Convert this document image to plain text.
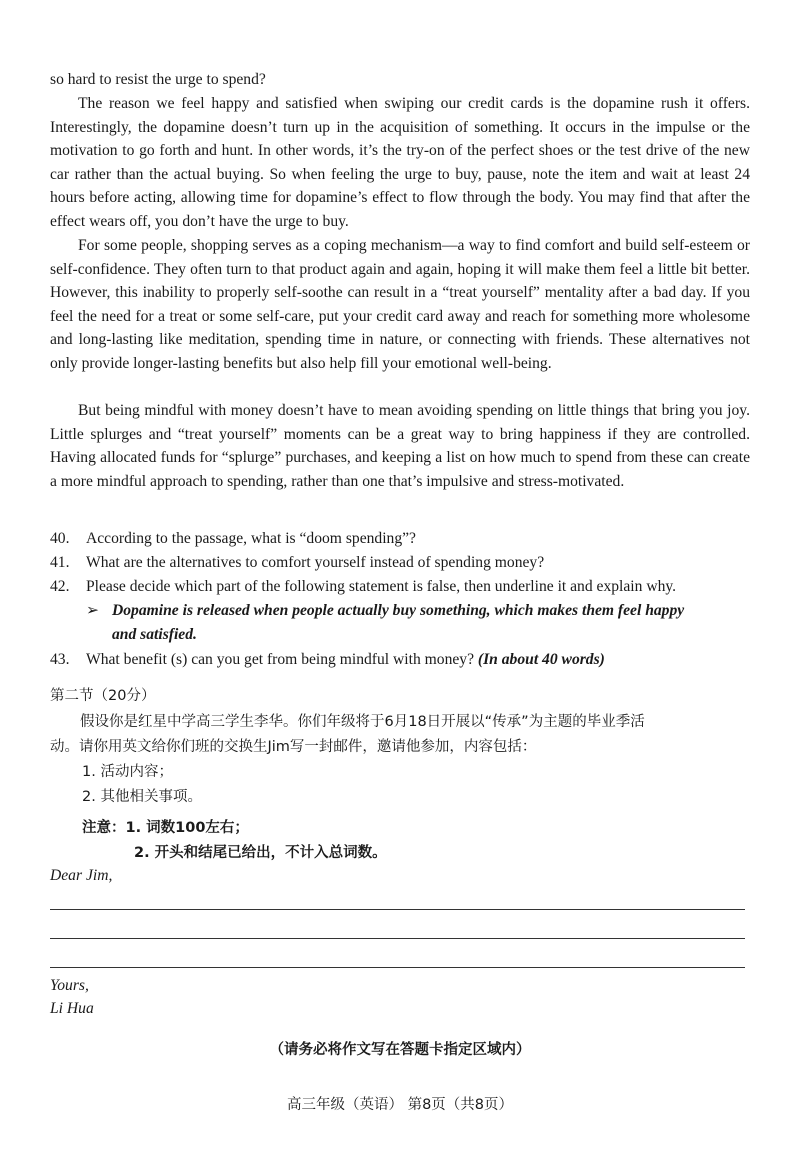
so hard to resist the urge to spend?

The reason we feel happy and satisfied when swiping our credit cards is the dopamine rush it offers. Interestingly, the dopamine doesn’t turn up in the acquisition of something. It occurs in the impulse or the motivation to go forth and hunt. In other words, it’s the try-on of the perfect shoes or the test drive of the new car rather than the actual buying. So when feeling the urge to buy, pause, note the item and wait at least 24 hours before acting, allowing time for dopamine’s effect to flow through the body. You may find that after the effect wears off, you don’t have the urge to buy.

For some people, shopping serves as a coping mechanism—a way to find comfort and build self-esteem or self-confidence. They often turn to that product again and again, hoping it will make them feel a little bit better. However, this inability to properly self-soothe can result in a “treat yourself” mentality after a bad day. If you feel the need for a treat or some self-care, put your credit card away and reach for something more wholesome and long-lasting like meditation, spending time in nature, or connecting with friends. These alternatives not only provide longer-lasting benefits but also help fill your emotional well-being.

But being mindful with money doesn’t have to mean avoiding spending on little things that bring you joy. Little splurges and “treat yourself” moments can be a great way to bring happiness if they are controlled. Having allocated funds for “splurge” purchases, and keeping a list on how much to spend from these can create a more mindful approach to spending, rather than one that’s impulsive and stress-motivated.

40. According to the passage, what is “doom spending”?
41. What are the alternatives to comfort yourself instead of spending money?
42. Please decide which part of the following statement is false, then underline it and explain why.
➢ Dopamine is released when people actually buy something, which makes them feel happy
and satisfied.
43. What benefit (s) can you get from being mindful with money? (In about 40 words)
第二节（20分）
假设你是红星中学高三学生李华。你们年级将于6月18日开展以“传承”为主题的毕业季活
动。请你用英文给你们班的交换生Jim写一封邮件，邀请他参加，内容包括：
1. 活动内容；
2. 其他相关事项。
注意：1. 词数100左右；
2. 开头和结尾已给出，不计入总词数。
Dear Jim,
Yours,
Li Hua
（请务必将作文写在答题卡指定区域内）
高三年级（英语） 第8页（共8页）
